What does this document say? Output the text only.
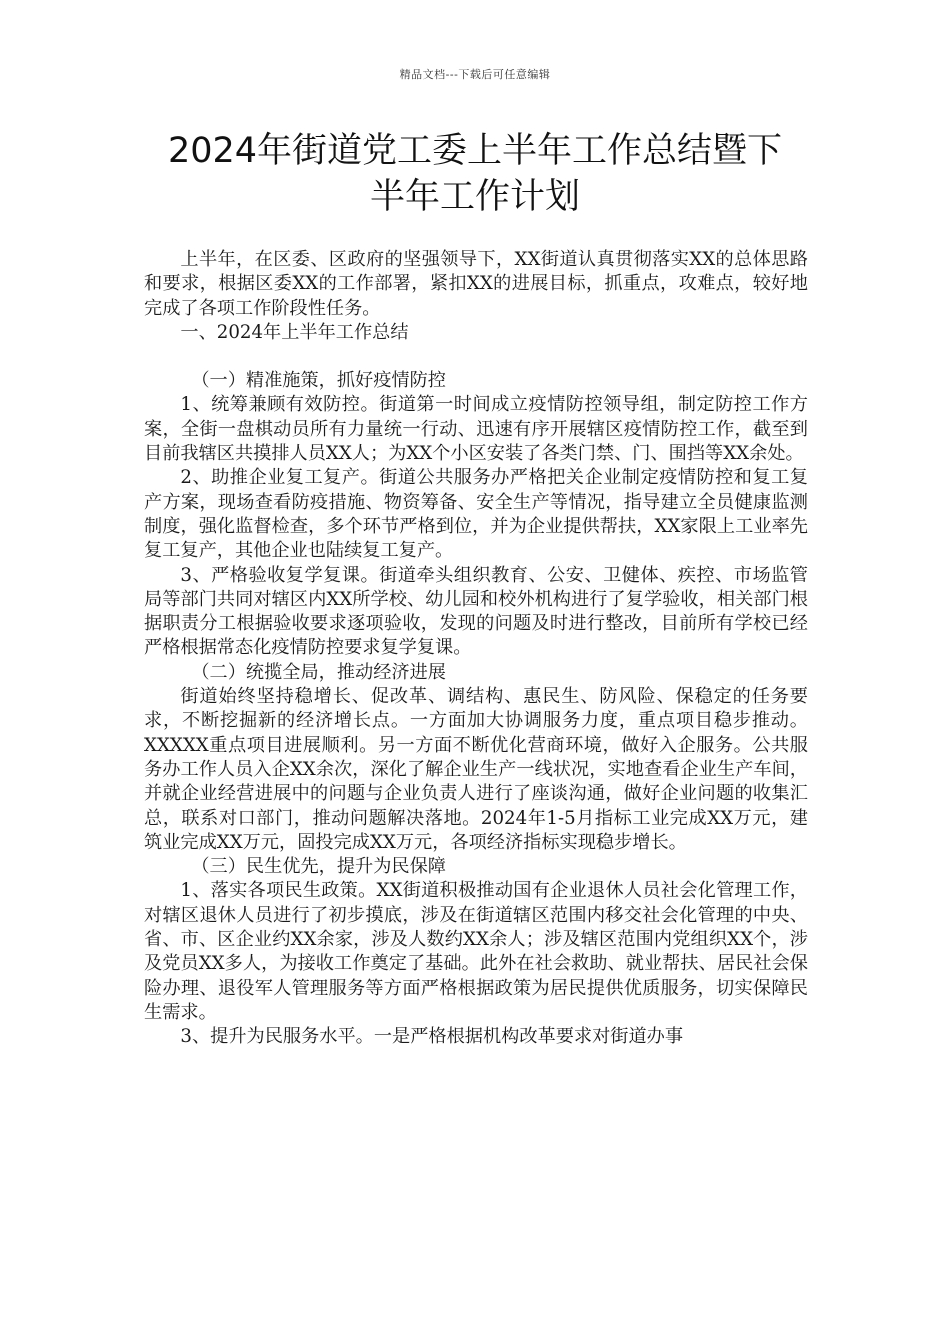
精品文档---下载后可任意编辑
2024年街道党工委上半年工作总结暨下
半年工作计划

上半年，在区委、区政府的坚强领导下，XX街道认真贯彻落实XX的总体思路和要求，根据区委XX的工作部署，紧扣XX的进展目标，抓重点，攻难点，较好地完成了各项工作阶段性任务。

一、2024年上半年工作总结

（一）精准施策，抓好疫情防控

1、统筹兼顾有效防控。街道第一时间成立疫情防控领导组，制定防控工作方案，全街一盘棋动员所有力量统一行动、迅速有序开展辖区疫情防控工作，截至到目前我辖区共摸排人员XX人；为XX个小区安装了各类门禁、门、围挡等XX余处。

2、助推企业复工复产。街道公共服务办严格把关企业制定疫情防控和复工复产方案，现场查看防疫措施、物资筹备、安全生产等情况，指导建立全员健康监测制度，强化监督检查，多个环节严格到位，并为企业提供帮扶，XX家限上工业率先复工复产，其他企业也陆续复工复产。

3、严格验收复学复课。街道牵头组织教育、公安、卫健体、疾控、市场监管局等部门共同对辖区内XX所学校、幼儿园和校外机构进行了复学验收，相关部门根据职责分工根据验收要求逐项验收，发现的问题及时进行整改，目前所有学校已经严格根据常态化疫情防控要求复学复课。

（二）统揽全局，推动经济进展

街道始终坚持稳增长、促改革、调结构、惠民生、防风险、保稳定的任务要求，不断挖掘新的经济增长点。一方面加大协调服务力度，重点项目稳步推动。XXXXX重点项目进展顺利。另一方面不断优化营商环境，做好入企服务。公共服务办工作人员入企XX余次，深化了解企业生产一线状况，实地查看企业生产车间，并就企业经营进展中的问题与企业负责人进行了座谈沟通，做好企业问题的收集汇总，联系对口部门，推动问题解决落地。2024年1-5月指标工业完成XX万元，建筑业完成XX万元，固投完成XX万元，各项经济指标实现稳步增长。

（三）民生优先，提升为民保障

1、落实各项民生政策。XX街道积极推动国有企业退休人员社会化管理工作，对辖区退休人员进行了初步摸底，涉及在街道辖区范围内移交社会化管理的中央、省、市、区企业约XX余家，涉及人数约XX余人；涉及辖区范围内党组织XX个，涉及党员XX多人，为接收工作奠定了基础。此外在社会救助、就业帮扶、居民社会保险办理、退役军人管理服务等方面严格根据政策为居民提供优质服务，切实保障民生需求。

3、提升为民服务水平。一是严格根据机构改革要求对街道办事
